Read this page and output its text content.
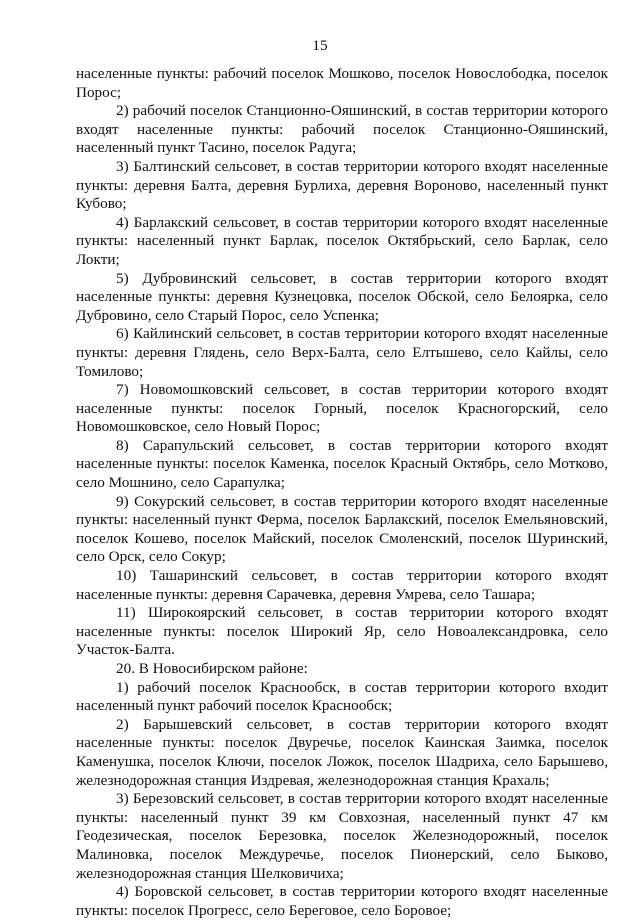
15

населенные пункты: рабочий поселок Мошково, поселок Новослободка, поселок Порос;

2) рабочий поселок Станционно-Ояшинский, в состав территории которого входят населенные пункты: рабочий поселок Станционно-Ояшинский, населенный пункт Тасино, поселок Радуга;

3) Балтинский сельсовет, в состав территории которого входят населенные пункты: деревня Балта, деревня Бурлиха, деревня Вороново, населенный пункт Кубово;

4) Барлакский сельсовет, в состав территории которого входят населенные пункты: населенный пункт Барлак, поселок Октябрьский, село Барлак, село Локти;

5) Дубровинский сельсовет, в состав территории которого входят населенные пункты: деревня Кузнецовка, поселок Обской, село Белоярка, село Дубровино, село Старый Порос, село Успенка;

6) Кайлинский сельсовет, в состав территории которого входят населенные пункты: деревня Глядень, село Верх-Балта, село Елтышево, село Кайлы, село Томилово;

7) Новомошковский сельсовет, в состав территории которого входят населенные пункты: поселок Горный, поселок Красногорский, село Новомошковское, село Новый Порос;

8) Сарапульский сельсовет, в состав территории которого входят населенные пункты: поселок Каменка, поселок Красный Октябрь, село Мотково, село Мошнино, село Сарапулка;

9) Сокурский сельсовет, в состав территории которого входят населенные пункты: населенный пункт Ферма, поселок Барлакский, поселок Емельяновский, поселок Кошево, поселок Майский, поселок Смоленский, поселок Шуринский, село Орск, село Сокур;

10) Ташаринский сельсовет, в состав территории которого входят населенные пункты: деревня Сарачевка, деревня Умрева, село Ташара;

11) Широкоярский сельсовет, в состав территории которого входят населенные пункты: поселок Широкий Яр, село Новоалександровка, село Участок-Балта.

20. В Новосибирском районе:

1) рабочий поселок Краснообск, в состав территории которого входит населенный пункт рабочий поселок Краснообск;

2) Барышевский сельсовет, в состав территории которого входят населенные пункты: поселок Двуречье, поселок Каинская Заимка, поселок Каменушка, поселок Ключи, поселок Ложок, поселок Шадриха, село Барышево, железнодорожная станция Издревая, железнодорожная станция Крахаль;

3) Березовский сельсовет, в состав территории которого входят населенные пункты: населенный пункт 39 км Совхозная, населенный пункт 47 км Геодезическая, поселок Березовка, поселок Железнодорожный, поселок Малиновка, поселок Междуречье, поселок Пионерский, село Быково, железнодорожная станция Шелковичиха;

4) Боровской сельсовет, в состав территории которого входят населенные пункты: поселок Прогресс, село Береговое, село Боровое;
